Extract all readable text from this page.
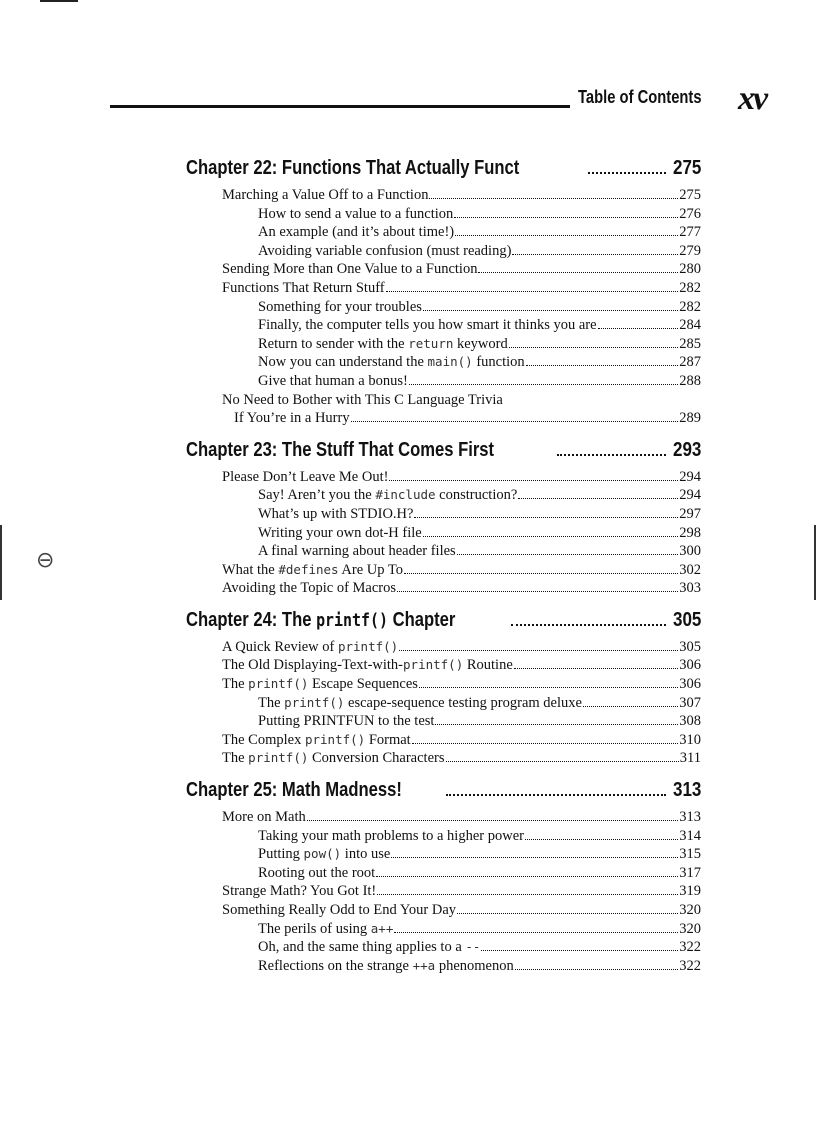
⊖
Table of Contents xv
Chapter 22: Functions That Actually Funct	275
Marching a Value Off to a Function	275
How to send a value to a function	276
An example (and it’s about time!)	277
Avoiding variable confusion (must reading)	279
Sending More than One Value to a Function	280
Functions That Return Stuff	282
Something for your troubles	282
Finally, the computer tells you how smart it thinks you are	284
Return to sender with the return keyword	285
Now you can understand the main() function	287
Give that human a bonus!	288
No Need to Bother with This C Language Trivia
If You’re in a Hurry	289
Chapter 23: The Stuff That Comes First	293
Please Don’t Leave Me Out!	294
Say! Aren’t you the #include construction?	294
What’s up with STDIO.H?	297
Writing your own dot-H file	298
A final warning about header files	300
What the #defines Are Up To	302
Avoiding the Topic of Macros	303
Chapter 24: The printf() Chapter	305
A Quick Review of printf()	305
The Old Displaying-Text-with-printf() Routine	306
The printf() Escape Sequences	306
The printf() escape-sequence testing program deluxe	307
Putting PRINTFUN to the test	308
The Complex printf() Format	310
The printf() Conversion Characters	311
Chapter 25: Math Madness!	313
More on Math	313
Taking your math problems to a higher power	314
Putting pow() into use	315
Rooting out the root	317
Strange Math? You Got It!	319
Something Really Odd to End Your Day	320
The perils of using a++	320
Oh, and the same thing applies to a --	322
Reflections on the strange ++a phenomenon	322
